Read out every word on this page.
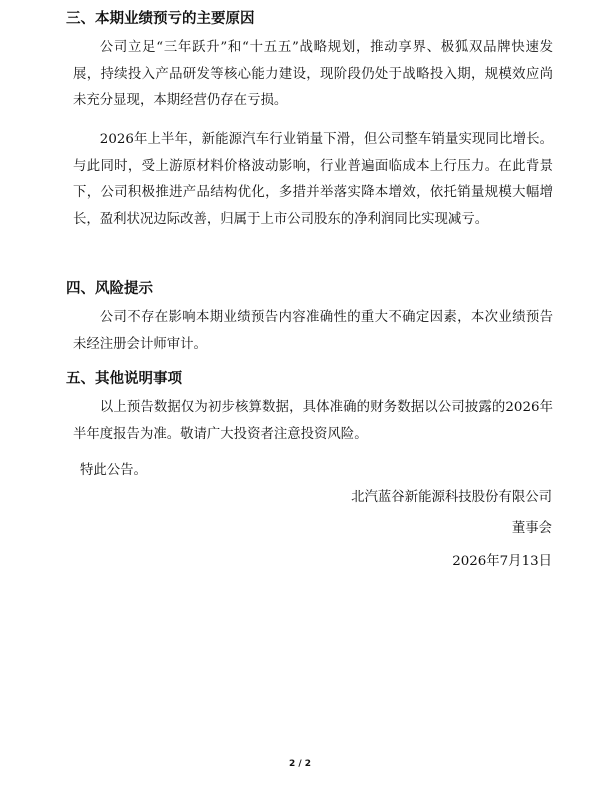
三、本期业绩预亏的主要原因

公司立足“三年跃升”和“十五五”战略规划，推动享界、极狐双品牌快速发展，持续投入产品研发等核心能力建设，现阶段仍处于战略投入期，规模效应尚未充分显现，本期经营仍存在亏损。

2026年上半年，新能源汽车行业销量下滑，但公司整车销量实现同比增长。与此同时，受上游原材料价格波动影响，行业普遍面临成本上行压力。在此背景下，公司积极推进产品结构优化，多措并举落实降本增效，依托销量规模大幅增长，盈利状况边际改善，归属于上市公司股东的净利润同比实现减亏。

四、风险提示

公司不存在影响本期业绩预告内容准确性的重大不确定因素，本次业绩预告未经注册会计师审计。

五、其他说明事项

以上预告数据仅为初步核算数据，具体准确的财务数据以公司披露的2026年半年度报告为准。敬请广大投资者注意投资风险。

特此公告。
北汽蓝谷新能源科技股份有限公司
董事会
2026年7月13日
2 / 2
